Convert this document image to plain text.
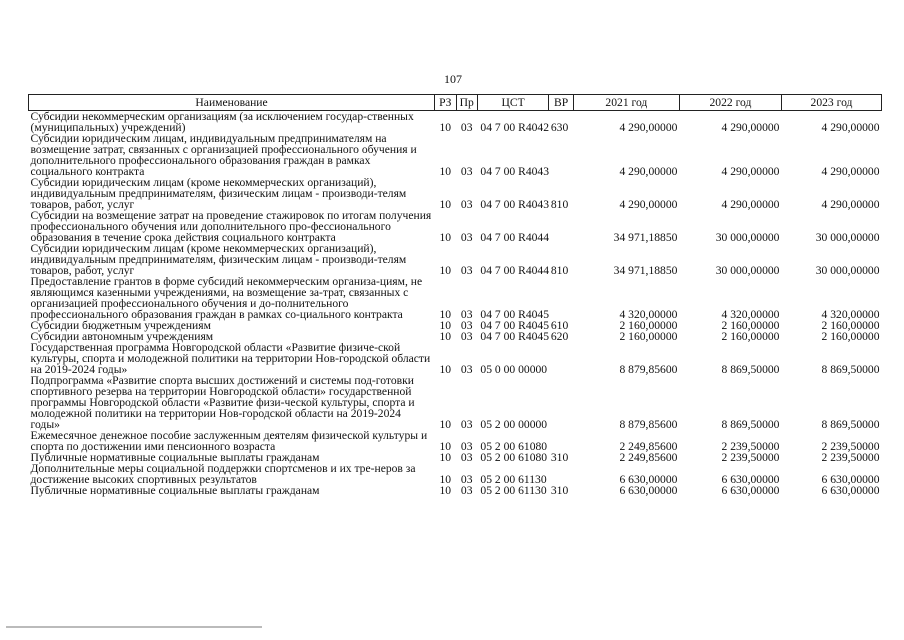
107
Наименование	РЗ	Пр	ЦСТ	ВР	2021 год	2022 год	2023 год
Субсидии некоммерческим организациям (за исключением государ-ственных (муниципальных) учреждений)	10	03	04 7 00 R4042	630	4 290,00000	4 290,00000	4 290,00000
Субсидии юридическим лицам, индивидуальным предпринимателям на возмещение затрат, связанных с организацией профессионального обучения и дополнительного профессионального образования граждан в рамках социального контракта	10	03	04 7 00 R4043		4 290,00000	4 290,00000	4 290,00000
Субсидии юридическим лицам (кроме некоммерческих организаций), индивидуальным предпринимателям, физическим лицам - производи-телям товаров, работ, услуг	10	03	04 7 00 R4043	810	4 290,00000	4 290,00000	4 290,00000
Субсидии на возмещение затрат на проведение стажировок по итогам получения профессионального обучения или дополнительного про-фессионального образования в течение срока действия социального контракта	10	03	04 7 00 R4044		34 971,18850	30 000,00000	30 000,00000
Субсидии юридическим лицам (кроме некоммерческих организаций), индивидуальным предпринимателям, физическим лицам - производи-телям товаров, работ, услуг	10	03	04 7 00 R4044	810	34 971,18850	30 000,00000	30 000,00000
Предоставление грантов в форме субсидий некоммерческим организа-циям, не являющимся казенными учреждениями, на возмещение за-трат, связанных с организацией профессионального обучения и до-полнительного профессионального образования граждан в рамках со-циального контракта	10	03	04 7 00 R4045		4 320,00000	4 320,00000	4 320,00000
Субсидии бюджетным учреждениям	10	03	04 7 00 R4045	610	2 160,00000	2 160,00000	2 160,00000
Субсидии автономным учреждениям	10	03	04 7 00 R4045	620	2 160,00000	2 160,00000	2 160,00000
Государственная программа Новгородской области «Развитие физиче-ской культуры, спорта и молодежной политики на территории Нов-городской области на 2019-2024 годы»	10	03	05 0 00 00000		8 879,85600	8 869,50000	8 869,50000
Подпрограмма «Развитие спорта высших достижений и системы под-готовки спортивного резерва на территории Новгородской области» государственной программы Новгородской области «Развитие физи-ческой культуры, спорта и молодежной политики на территории Нов-городской области на 2019-2024 годы»	10	03	05 2 00 00000		8 879,85600	8 869,50000	8 869,50000
Ежемесячное денежное пособие заслуженным деятелям физической культуры и спорта по достижении ими пенсионного возраста	10	03	05 2 00 61080		2 249,85600	2 239,50000	2 239,50000
Публичные нормативные социальные выплаты гражданам	10	03	05 2 00 61080	310	2 249,85600	2 239,50000	2 239,50000
Дополнительные меры социальной поддержки спортсменов и их тре-неров за достижение высоких спортивных результатов	10	03	05 2 00 61130		6 630,00000	6 630,00000	6 630,00000
Публичные нормативные социальные выплаты гражданам	10	03	05 2 00 61130	310	6 630,00000	6 630,00000	6 630,00000
